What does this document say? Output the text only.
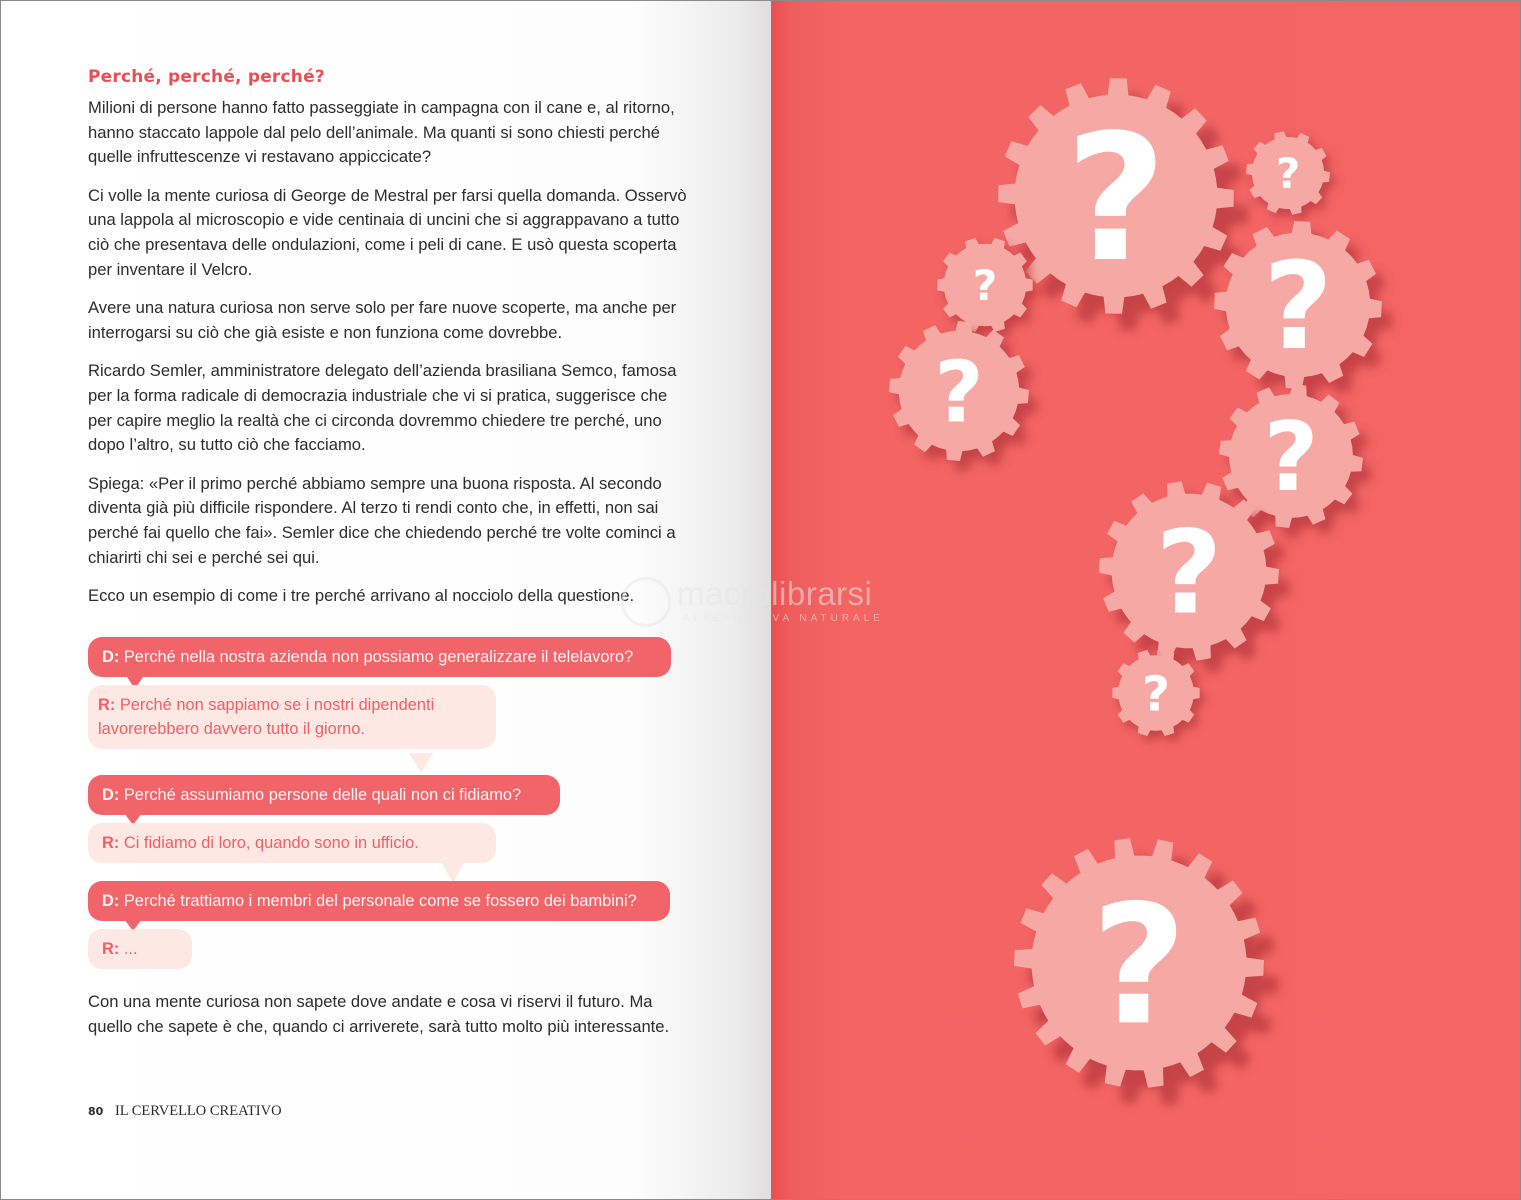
Perché, perché, perché?

Milioni di persone hanno fatto passeggiate in campagna con il cane e, al ritorno, hanno staccato lappole dal pelo dell’animale. Ma quanti si sono chiesti perché quelle infruttescenze vi restavano appiccicate?

Ci volle la mente curiosa di George de Mestral per farsi quella domanda. Osservò una lappola al microscopio e vide centinaia di uncini che si aggrappavano a tutto ciò che presentava delle ondulazioni, come i peli di cane. E usò questa scoperta per inventare il Velcro.

Avere una natura curiosa non serve solo per fare nuove scoperte, ma anche per interrogarsi su ciò che già esiste e non funziona come dovrebbe.

Ricardo Semler, amministratore delegato dell’azienda brasiliana Semco, famosa per la forma radicale di democrazia industriale che vi si pratica, suggerisce che per capire meglio la realtà che ci circonda dovremmo chiedere tre perché, uno dopo l’altro, su tutto ciò che facciamo.

Spiega: «Per il primo perché abbiamo sempre una buona risposta. Al secondo diventa già più difficile rispondere. Al terzo ti rendi conto che, in effetti, non sai perché fai quello che fai». Semler dice che chiedendo perché tre volte cominci a chiarirti chi sei e perché sei qui.

Ecco un esempio di come i tre perché arrivano al nocciolo della questione.

D: Perché nella nostra azienda non possiamo generalizzare il telelavoro?
R: Perché non sappiamo se i nostri dipendenti lavorerebbero davvero tutto il giorno.
D: Perché assumiamo persone delle quali non ci fidiamo?
R: Ci fidiamo di loro, quando sono in ufficio.
D: Perché trattiamo i membri del personale come se fossero dei bambini?
R: ...

Con una mente curiosa non sapete dove andate e cosa vi riservi il futuro. Ma quello che sapete è che, quando ci arriverete, sarà tutto molto più interessante.

80 IL CERVELLO CREATIVO
?	?
? ?
?
?
?
?
?
macrolibrarsi
ALTERNATIVA NATURALE
